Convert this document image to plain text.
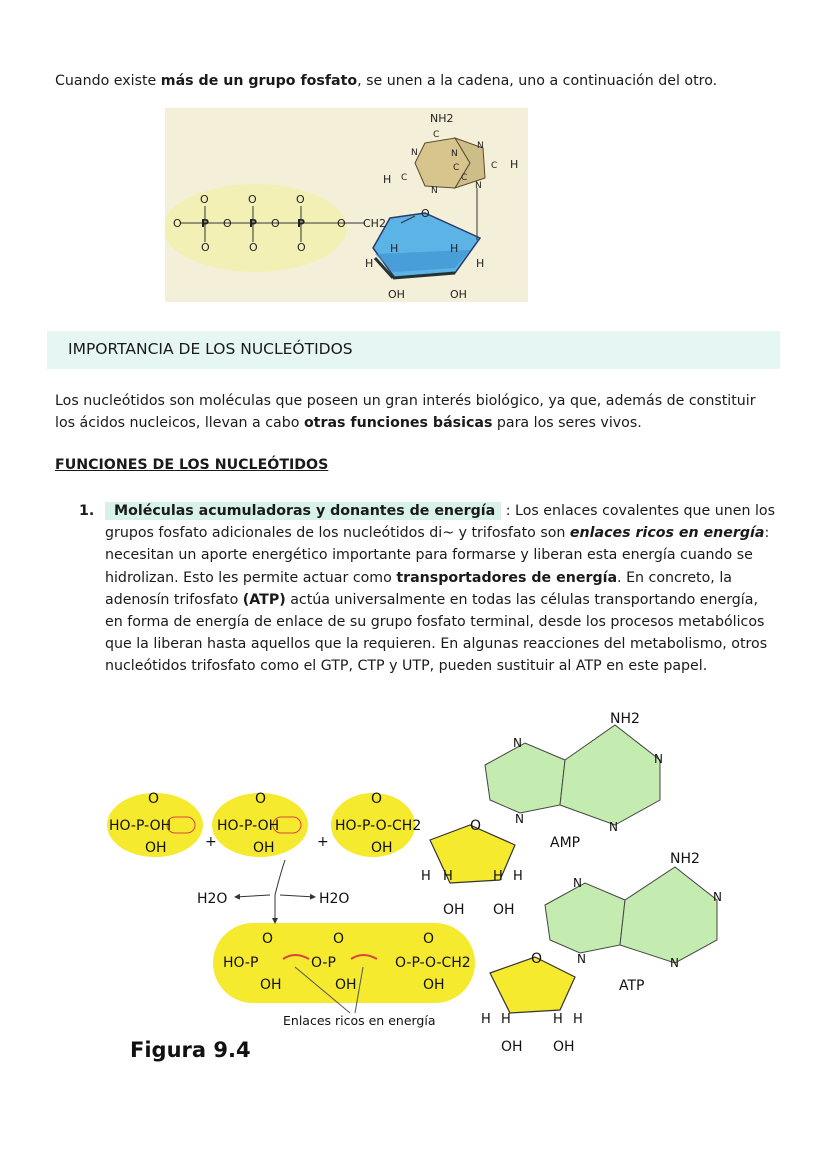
Cuando existe más de un grupo fosfato, se unen a la cadena, uno a continuación del otro.
O	O	O
P	P	P
O	O	O
O	O	O	O CH2
O
H	H
H	H
H
H
OH	OH
NH2
N
N
N	N
N
C
C	C
C	C
IMPORTANCIA DE LOS NUCLEÓTIDOS
Los nucleótidos son moléculas que poseen un gran interés biológico, ya que, además de constituir los ácidos nucleicos, llevan a cabo otras funciones básicas para los seres vivos.
FUNCIONES DE LOS NUCLEÓTIDOS
1.	Moléculas acumuladoras y donantes de energía : Los enlaces covalentes que unen los grupos fosfato adicionales de los nucleótidos di~ y trifosfato son enlaces ricos en energía: necesitan un aporte energético importante para formarse y liberan esta energía cuando se hidrolizan. Esto les permite actuar como transportadores de energía. En concreto, la adenosín trifosfato (ATP) actúa universalmente en todas las células transportando energía, en forma de energía de enlace de su grupo fosfato terminal, desde los procesos metabólicos que la liberan hasta aquellos que la requieren. En algunas reacciones del metabolismo, otros nucleótidos trifosfato como el GTP, CTP y UTP, pueden sustituir al ATP en este papel.
O	O	O
HO-P-OH	HO-P-OH	HO-P-O-CH2
OH	OH	OH
+	+
O
O
AMP
ATP
NH2
NH2
N
N
N
N
N
N
N	N
H2O	H2O
H H	H H
H H	H H
OH OH
OH OH
O	O	O
HO-P	O-P	O-P-O-CH2
OH	OH	OH
Enlaces ricos en energía
Figura 9.4
